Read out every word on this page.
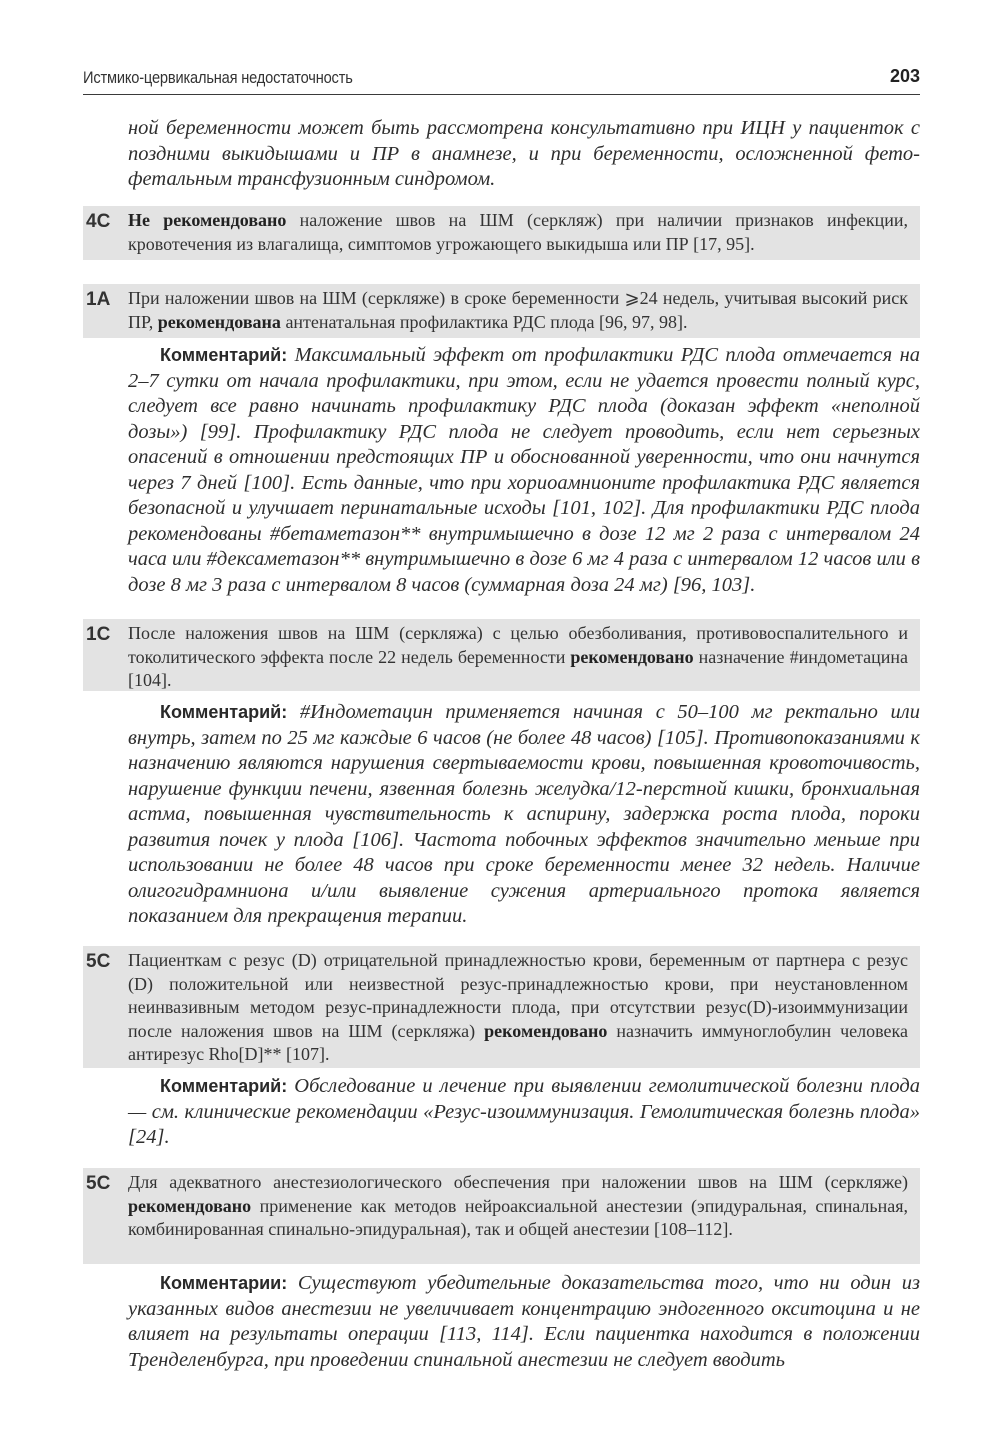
Истмико-цервикальная недостаточность	203
ной беременности может быть рассмотрена консультативно при ИЦН у пациенток с поздними выкидышами и ПР в анамнезе, и при беременности, осложненной фето-фетальным трансфузионным синдромом.
4C Не рекомендовано наложение швов на ШМ (серкляж) при наличии признаков инфекции, кровотечения из влагалища, симптомов угрожающего выкидыша или ПР [17, 95].
1A При наложении швов на ШМ (серкляже) в сроке беременности ⩾24 недель, учитывая высокий риск ПР, рекомендована антенатальная профилактика РДС плода [96, 97, 98].
Комментарий: Максимальный эффект от профилактики РДС плода отмечается на 2–7 сутки от начала профилактики, при этом, если не удается провести полный курс, следует все равно начинать профилактику РДС плода (доказан эффект «неполной дозы») [99]. Профилактику РДС плода не следует проводить, если нет серьезных опасений в отношении предстоящих ПР и обоснованной уверенности, что они начнутся через 7 дней [100]. Есть данные, что при хориоамнионите профилактика РДС является безопасной и улучшает перинатальные исходы [101, 102]. Для профилактики РДС плода рекомендованы #бетаметазон** внутримышечно в дозе 12 мг 2 раза с интервалом 24 часа или #дексаметазон** внутримышечно в дозе 6 мг 4 раза с интервалом 12 часов или в дозе 8 мг 3 раза с интервалом 8 часов (суммарная доза 24 мг) [96, 103].
1C После наложения швов на ШМ (серкляжа) с целью обезболивания, противовоспалительного и токолитического эффекта после 22 недель беременности рекомендовано назначение #индометацина [104].
Комментарий: #Индометацин применяется начиная с 50–100 мг ректально или внутрь, затем по 25 мг каждые 6 часов (не более 48 часов) [105]. Противопоказаниями к назначению являются нарушения свертываемости крови, повышенная кровоточивость, нарушение функции печени, язвенная болезнь желудка/12-перстной кишки, бронхиальная астма, повышенная чувствительность к аспирину, задержка роста плода, пороки развития почек у плода [106]. Частота побочных эффектов значительно меньше при использовании не более 48 часов при сроке беременности менее 32 недель. Наличие олигогидрамниона и/или выявление сужения артериального протока является показанием для прекращения терапии.
5C Пациенткам с резус (D) отрицательной принадлежностью крови, беременным от партнера с резус (D) положительной или неизвестной резус-принадлежностью крови, при неустановленном неинвазивным методом резус-принадлежности плода, при отсутствии резус(D)-изоиммунизации после наложения швов на ШМ (серкляжа) рекомендовано назначить иммуноглобулин человека антирезус Rho[D]** [107].
Комментарий: Обследование и лечение при выявлении гемолитической болезни плода — см. клинические рекомендации «Резус-изоиммунизация. Гемолитическая болезнь плода» [24].
5C Для адекватного анестезиологического обеспечения при наложении швов на ШМ (серкляже) рекомендовано применение как методов нейроаксиальной анестезии (эпидуральная, спинальная, комбинированная спинально-эпидуральная), так и общей анестезии [108–112].
Комментарии: Существуют убедительные доказательства того, что ни один из указанных видов анестезии не увеличивает концентрацию эндогенного окситоцина и не влияет на результаты операции [113, 114]. Если пациентка находится в положении Тренделенбурга, при проведении спинальной анестезии не следует вводить
